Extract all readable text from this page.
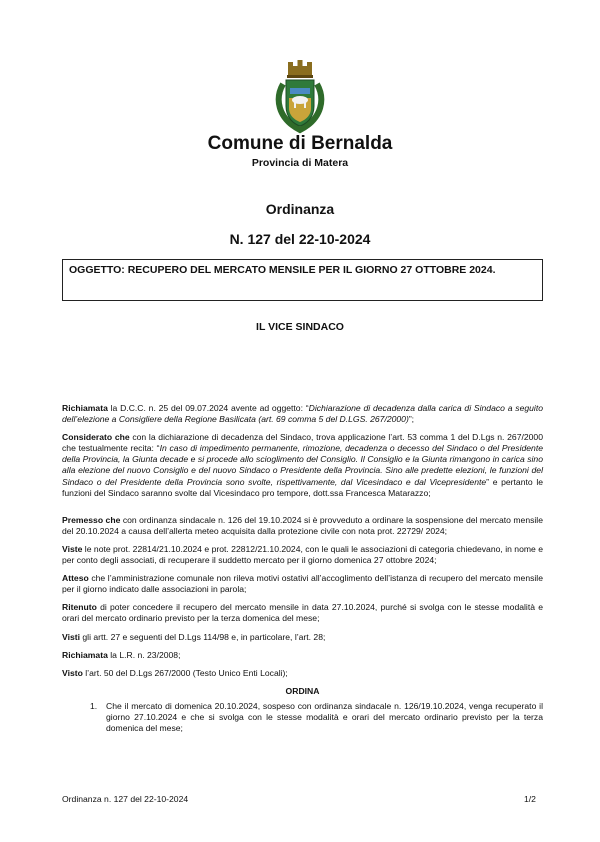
Comune di Bernalda
Provincia di Matera
Ordinanza
N. 127 del 22-10-2024
OGGETTO: RECUPERO DEL MERCATO MENSILE PER IL GIORNO 27 OTTOBRE 2024.
IL VICE SINDACO

Richiamata la D.C.C. n. 25 del 09.07.2024 avente ad oggetto: “Dichiarazione di decadenza dalla carica di Sindaco a seguito dell’elezione a Consigliere della Regione Basilicata (art. 69 comma 5 del D.LGS. 267/2000)”;

Considerato che con la dichiarazione di decadenza del Sindaco, trova applicazione l’art. 53 comma 1 del D.Lgs n. 267/2000 che testualmente recita: “In caso di impedimento permanente, rimozione, decadenza o decesso del Sindaco o del Presidente della Provincia, la Giunta decade e si procede allo scioglimento del Consiglio. Il Consiglio e la Giunta rimangono in carica sino alla elezione del nuovo Consiglio e del nuovo Sindaco o Presidente della Provincia. Sino alle predette elezioni, le funzioni del Sindaco o del Presidente della Provincia sono svolte, rispettivamente, dal Vicesindaco e dal Vicepresidente” e pertanto le funzioni del Sindaco saranno svolte dal Vicesindaco pro tempore, dott.ssa Francesca Matarazzo;

Premesso che con ordinanza sindacale n. 126 del 19.10.2024 si è provveduto a ordinare la sospensione del mercato mensile del 20.10.2024 a causa dell’allerta meteo acquisita dalla protezione civile con nota prot. 22729/ 2024;

Viste le note prot. 22814/21.10.2024 e prot. 22812/21.10.2024, con le quali le associazioni di categoria chiedevano, in nome e per conto degli associati, di recuperare il suddetto mercato per il giorno domenica 27 ottobre 2024;

Atteso che l’amministrazione comunale non rileva motivi ostativi all’accoglimento dell’istanza di recupero del mercato mensile per il giorno indicato dalle associazioni in parola;

Ritenuto di poter concedere il recupero del mercato mensile in data 27.10.2024, purché si svolga con le stesse modalità e orari del mercato ordinario previsto per la terza domenica del mese;

Visti gli artt. 27 e seguenti del D.Lgs 114/98 e, in particolare, l’art. 28;

Richiamata la L.R. n. 23/2008;

Visto l’art. 50 del D.Lgs 267/2000 (Testo Unico Enti Locali);

ORDINA

1.	Che il mercato di domenica 20.10.2024, sospeso con ordinanza sindacale n. 126/19.10.2024, venga recuperato il giorno 27.10.2024 e che si svolga con le stesse modalità e orari del mercato ordinario previsto per la terza domenica del mese;
Ordinanza n. 127 del 22-10-2024	1/2
